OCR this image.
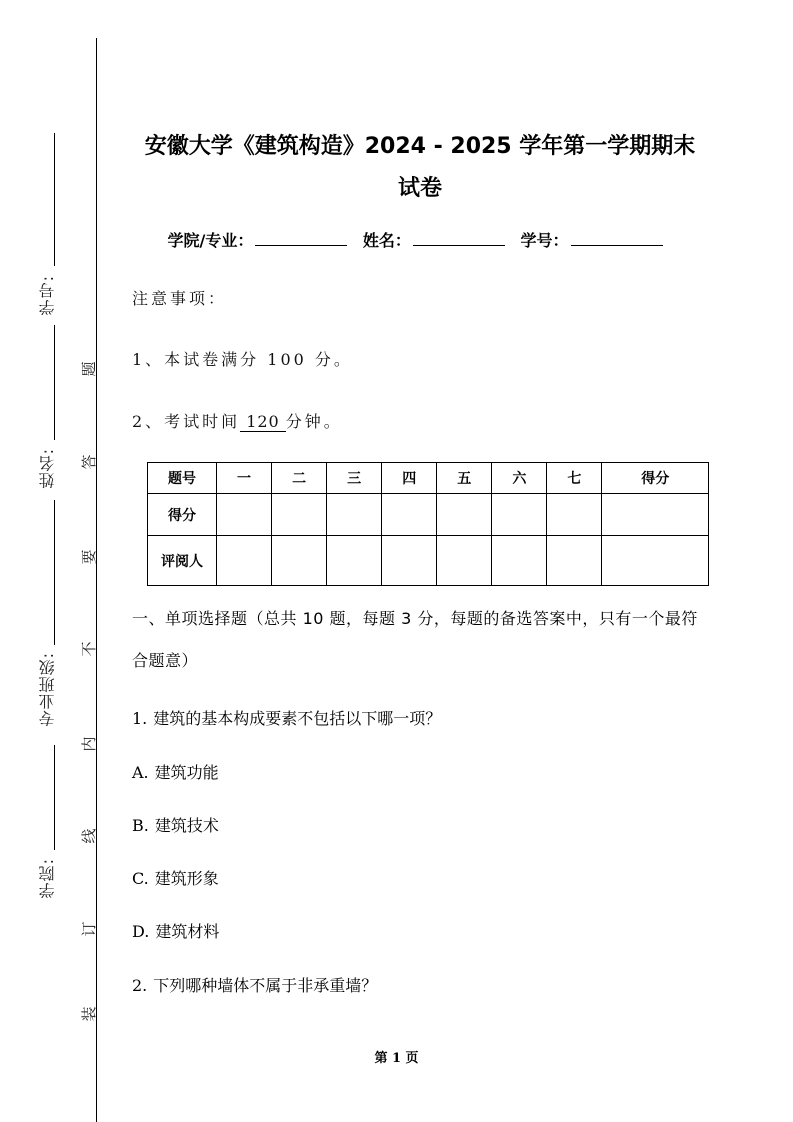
学号:
姓名:
专业班级:
学院:
题
答
要
不
内
线
订
装
安徽大学《建筑构造》2024 - 2025 学年第一学期期末
试卷
学院/专业：	姓名：	学号：
注意事项：
1、本试卷满分 100 分。
2、考试时间 120 分钟。
题号	一	二	三	四	五	六	七	得分
得分								
评阅人								
一、单项选择题（总共 10 题，每题 3 分，每题的备选答案中，只有一个最符合题意）
1. 建筑的基本构成要素不包括以下哪一项？
A. 建筑功能
B. 建筑技术
C. 建筑形象
D. 建筑材料
2. 下列哪种墙体不属于非承重墙？
第 1 页
